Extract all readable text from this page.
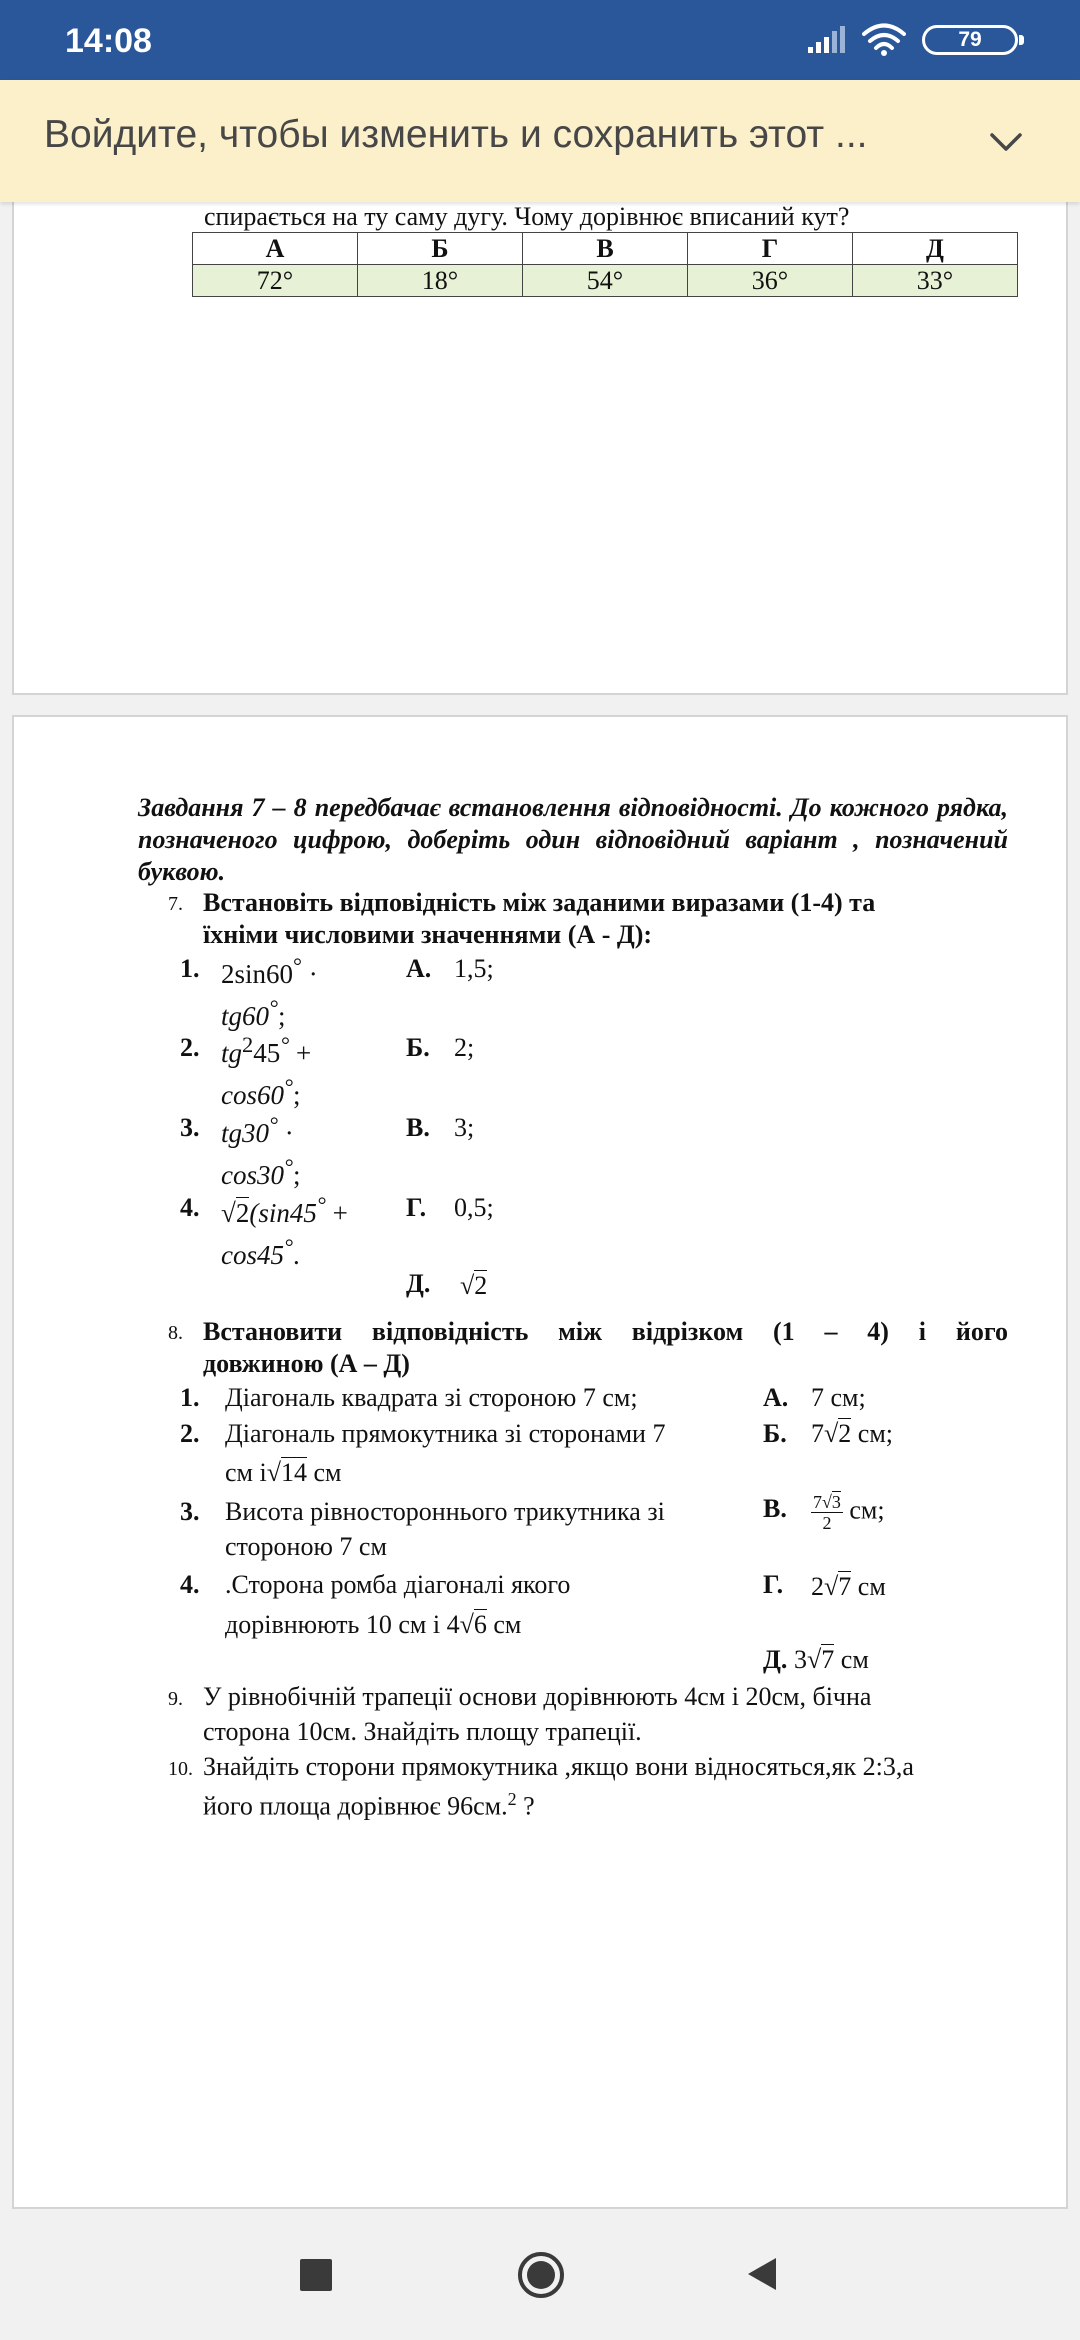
14:08	79
Войдите, чтобы изменить и сохранить этот ...
спирається на ту саму дугу. Чому дорівнює вписаний кут?
А	Б	В	Г	Д
72°	18°	54°	36°	33°
Завдання 7 – 8 передбачає встановлення відповідності. До кожного рядка, позначеного цифрою, доберіть один відповідний варіант , позначений буквою.
7. Встановіть відповідність між заданими виразами (1-4) та
їхніми числовими значеннями (А - Д):
1. 2sin60° ·
tg60°;
2. $tg^245^\circ$ +
cos60°;
3. tg30° ·
cos30°;
4. √2(sin45° +
cos45°.
А. 1,5;
Б. 2;
В. 3;
Г. 0,5;
Д. √2
8. Встановити відповідність між відрізком (1 – 4) і його
довжиною (А – Д)
1. Діагональ квадрата зі стороною 7 см;
2. Діагональ прямокутника зі сторонами 7
см і√14 см
3. Висота рівностороннього трикутника зі
стороною 7 см
4. .Сторона ромба діагоналі якого
дорівнюють 10 см і 4√6 см
А. 7 см;
Б. 7√2 см;
В. $\frac{7√3}{2}$ см;
Г. 2√7 см
Д. 3√7 см
9. У рівнобічній трапеції основи дорівнюють 4см і 20см, бічна
сторона 10см. Знайдіть площу трапеції.
10. Знайдіть сторони прямокутника ,якщо вони відносяться,як 2:3,а
його площа дорівнює 96см.$^2$ ?
